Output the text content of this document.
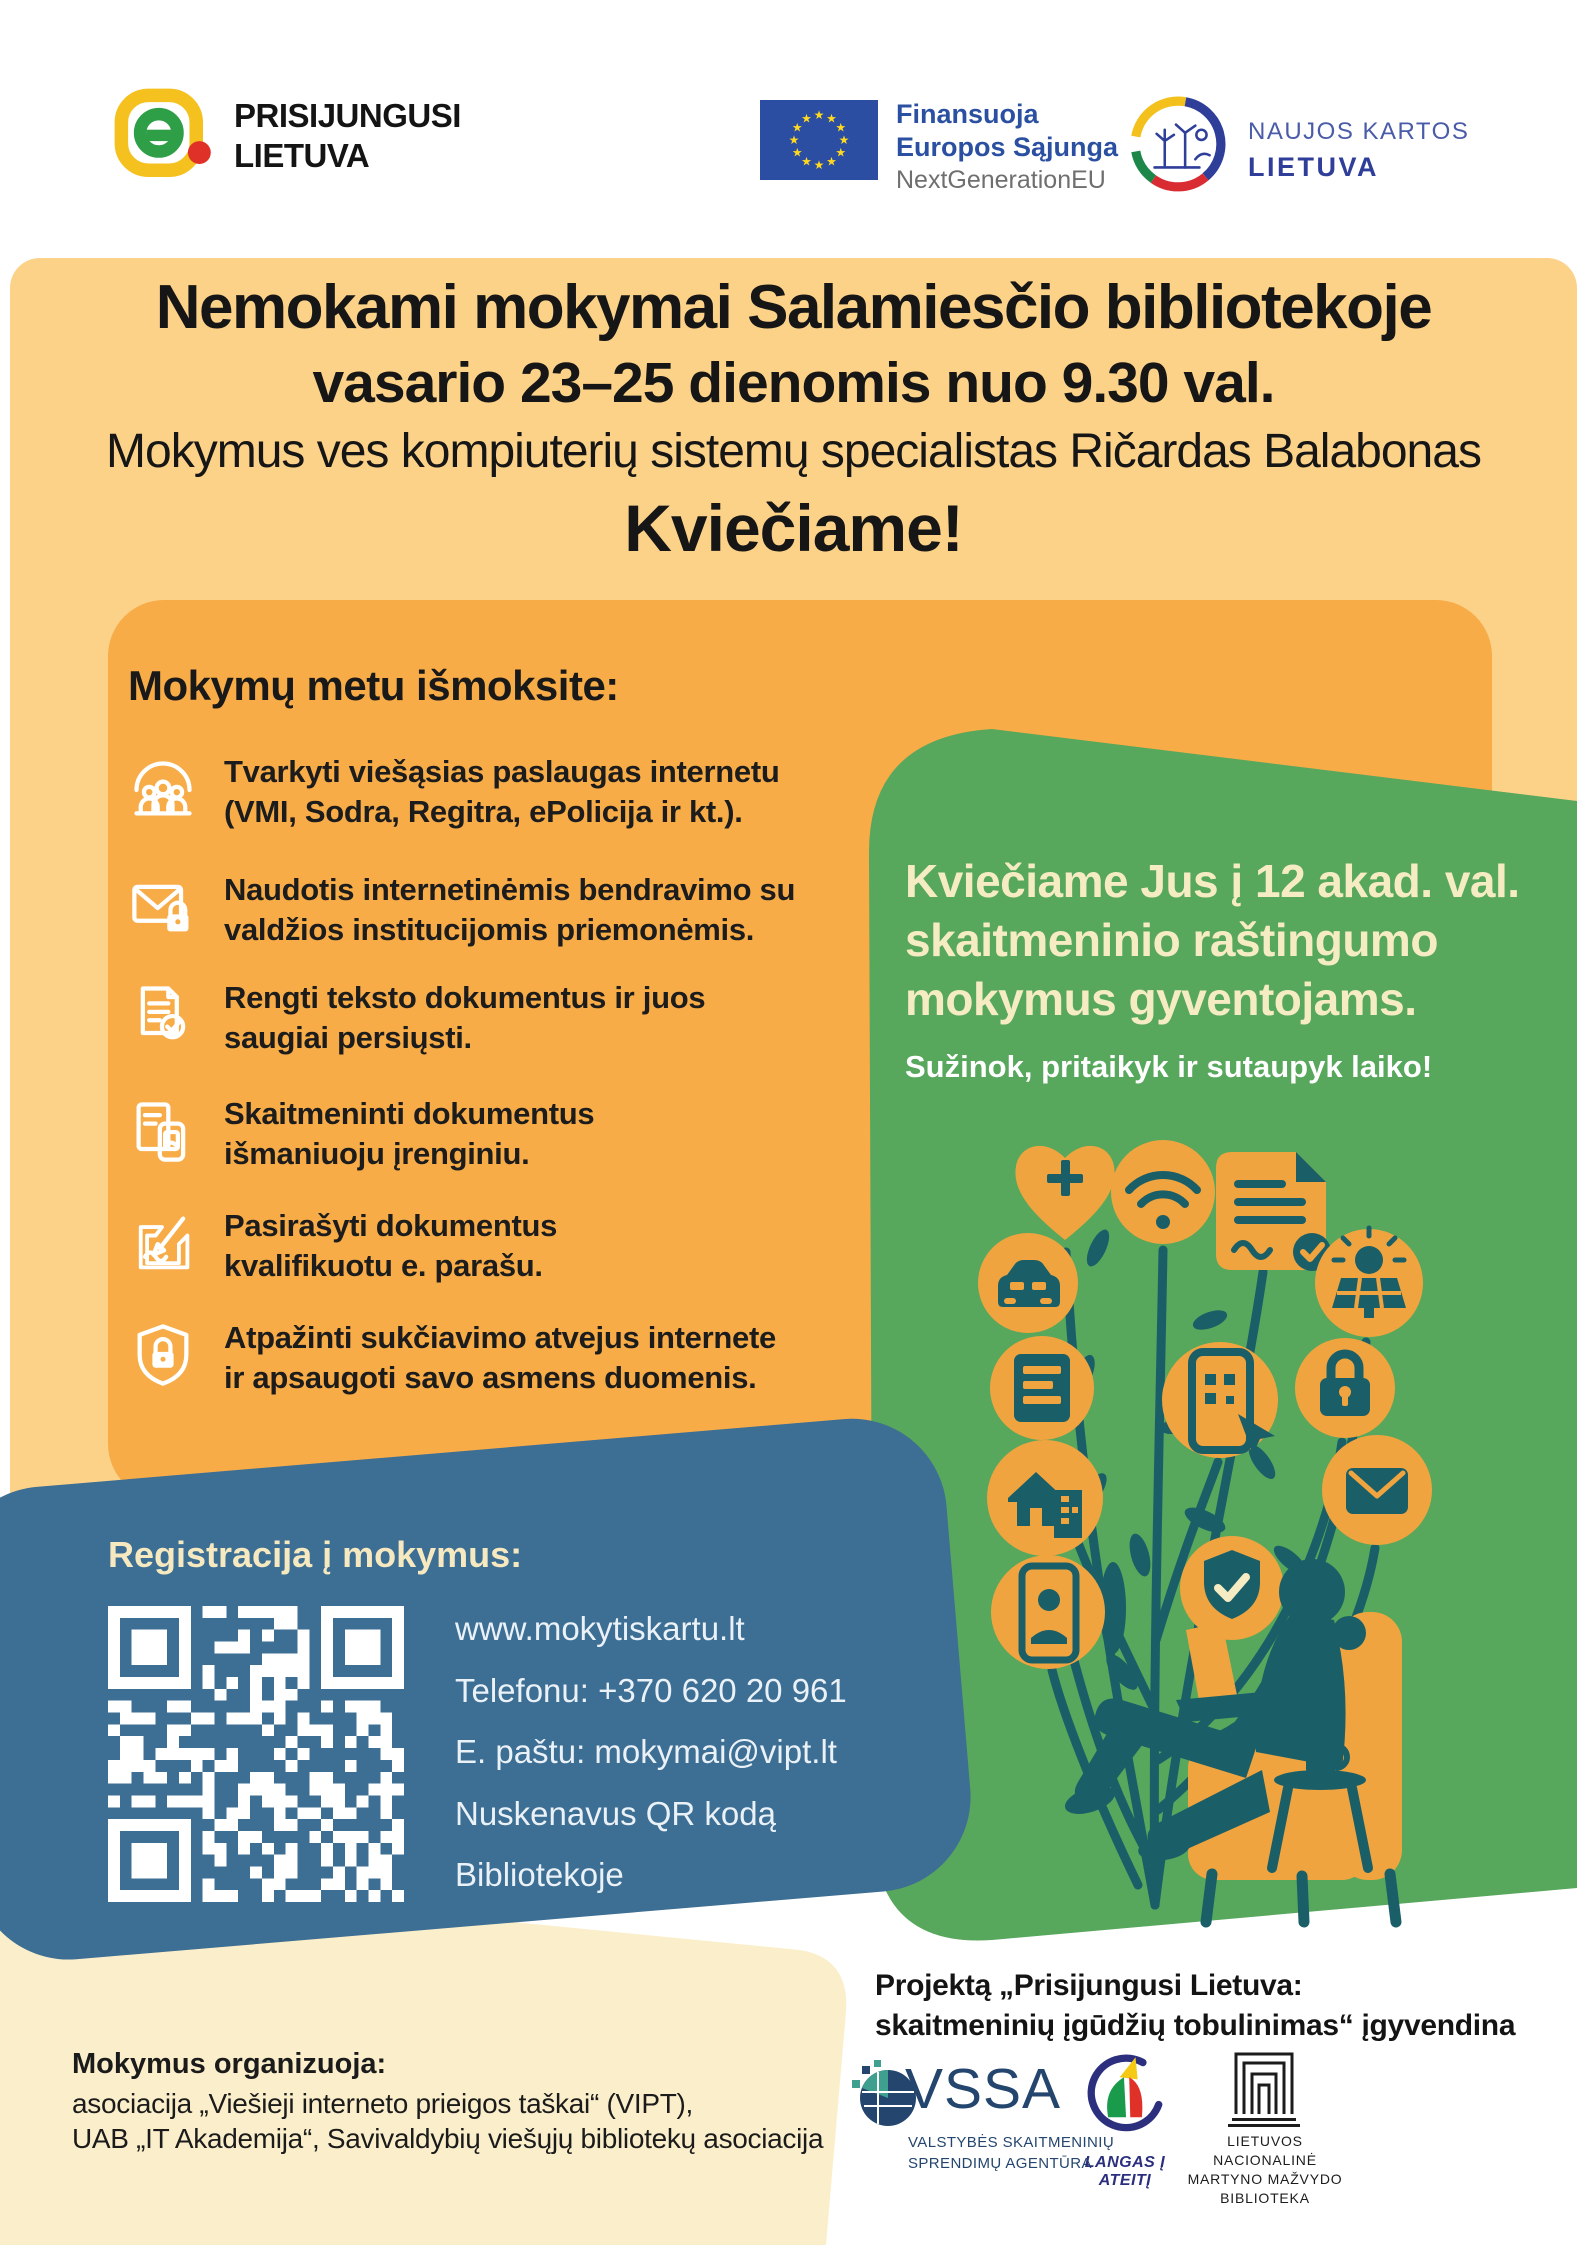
PRISIJUNGUSI
LIETUVA
★ ★
★
★
★
★
★
★
★
★
★
★	Finansuoja
Europos Sąjunga
NextGenerationEU
NAUJOS KARTOS
LIETUVA
Nemokami mokymai Salamiesčio bibliotekoje
vasario 23–25 dienomis nuo 9.30 val.
Mokymus ves kompiuterių sistemų specialistas Ričardas Balabonas
Kviečiame!
Mokymų metu išmoksite:
Tvarkyti viešąsias paslaugas internetu
(VMI, Sodra, Regitra, ePolicija ir kt.).
Naudotis internetinėmis bendravimo su
valdžios institucijomis priemonėmis.
Rengti teksto dokumentus ir juos
saugiai persiųsti.
Skaitmeninti dokumentus
išmaniuoju įrenginiu.
Pasirašyti dokumentus
kvalifikuotu e. parašu.
Atpažinti sukčiavimo atvejus internete
ir apsaugoti savo asmens duomenis.
Kviečiame Jus į 12 akad. val.
skaitmeninio raštingumo
mokymus gyventojams.
Sužinok, pritaikyk ir sutaupyk laiko!
Registracija į mokymus:
www.mokytiskartu.lt
Telefonu: +370 620 20 961
E. paštu: mokymai@vipt.lt
Nuskenavus QR kodą
Bibliotekoje
Mokymus organizuoja:
asociacija „Viešieji interneto prieigos taškai“ (VIPT),
UAB „IT Akademija“, Savivaldybių viešųjų bibliotekų asociacija
Projektą „Prisijungusi Lietuva:
skaitmeninių įgūdžių tobulinimas“ įgyvendina
VSSA
VALSTYBĖS SKAITMENINIŲ
SPRENDIMŲ AGENTŪRA
LANGAS Į ATEITĮ
LIETUVOS NACIONALINĖ
MARTYNO MAŽVYDO
BIBLIOTEKA
